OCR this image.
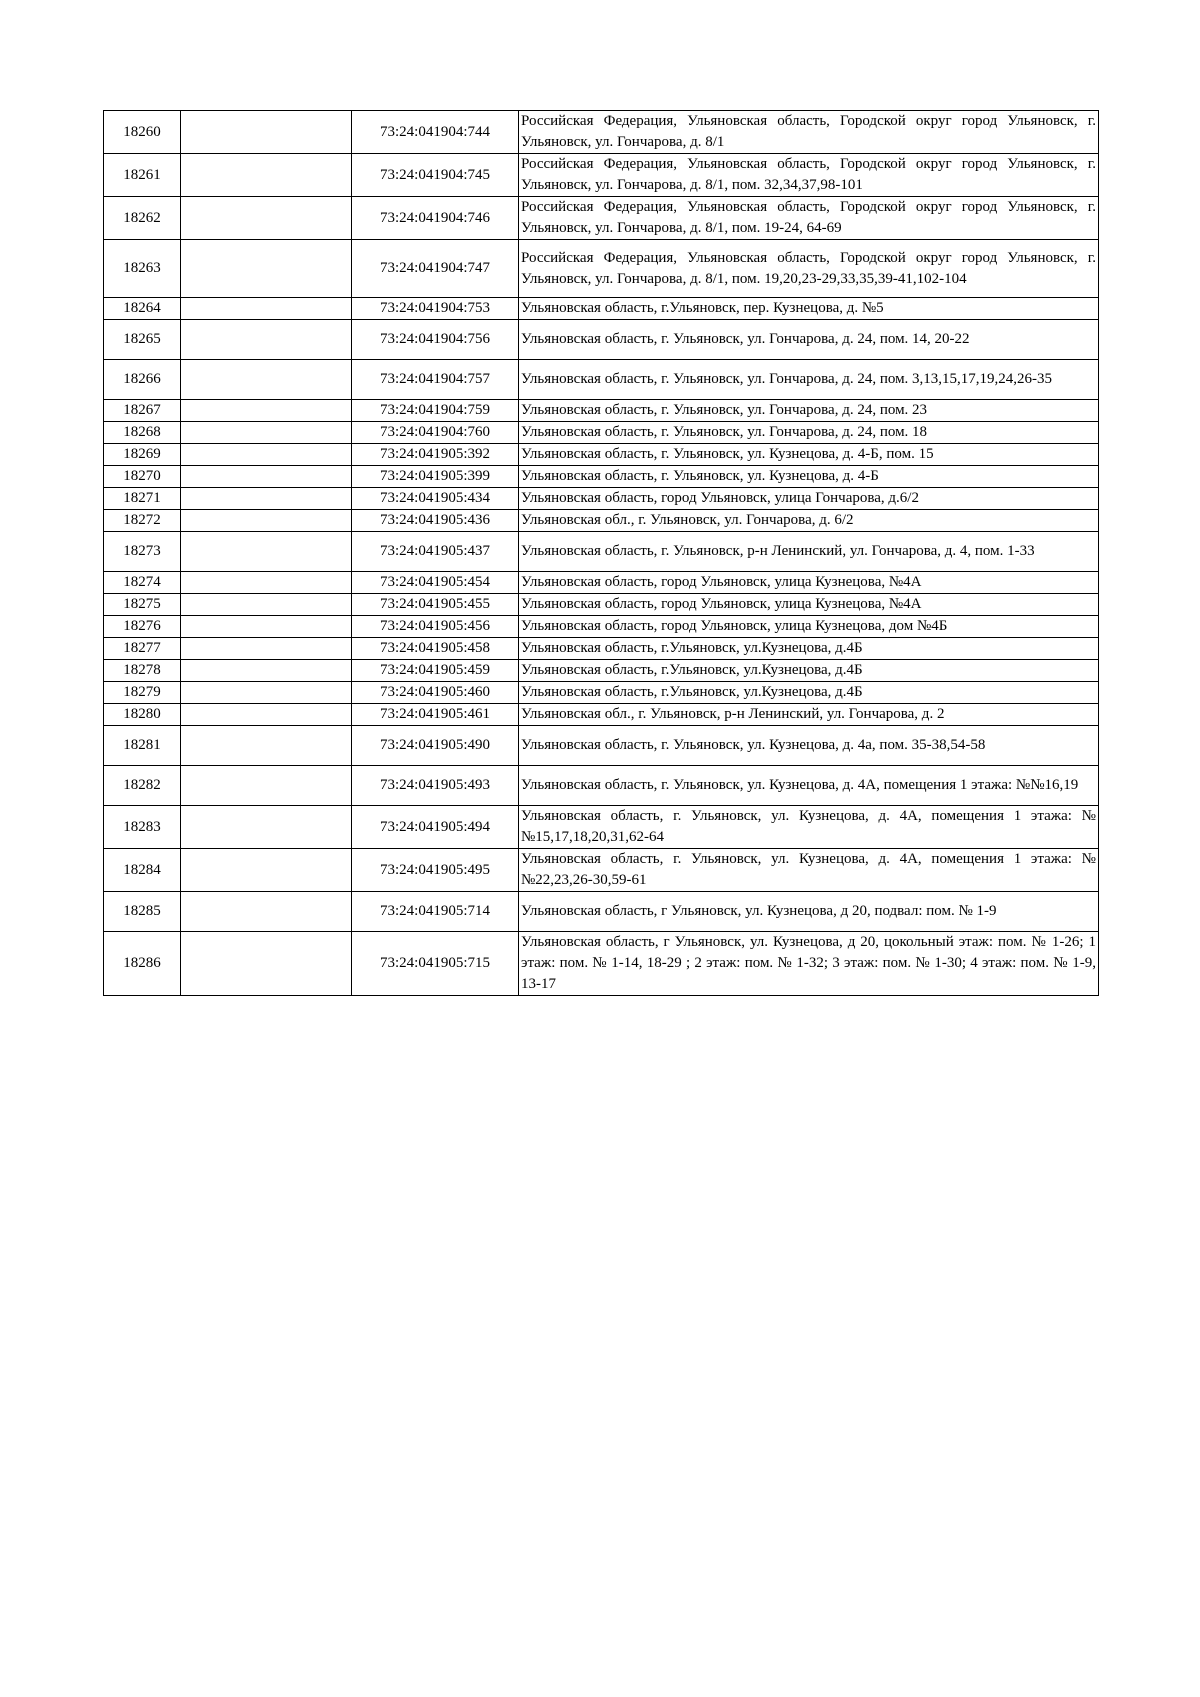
18260		73:24:041904:744	Российская Федерация, Ульяновская область, Городской округ город Ульяновск, г. Ульяновск, ул. Гончарова, д. 8/1
18261		73:24:041904:745	Российская Федерация, Ульяновская область, Городской округ город Ульяновск, г. Ульяновск, ул. Гончарова, д. 8/1, пом. 32,34,37,98-101
18262		73:24:041904:746	Российская Федерация, Ульяновская область, Городской округ город Ульяновск, г. Ульяновск, ул. Гончарова, д. 8/1, пом. 19-24, 64-69
18263		73:24:041904:747	Российская Федерация, Ульяновская область, Городской округ город Ульяновск, г. Ульяновск, ул. Гончарова, д. 8/1, пом. 19,20,23-29,33,35,39-41,102-104
18264		73:24:041904:753	Ульяновская область, г.Ульяновск, пер. Кузнецова, д. №5
18265		73:24:041904:756	Ульяновская область, г. Ульяновск, ул. Гончарова, д. 24, пом. 14, 20-22
18266		73:24:041904:757	Ульяновская область, г. Ульяновск, ул. Гончарова, д. 24, пом. 3,13,15,17,19,24,26-35
18267		73:24:041904:759	Ульяновская область, г. Ульяновск, ул. Гончарова, д. 24, пом. 23
18268		73:24:041904:760	Ульяновская область, г. Ульяновск, ул. Гончарова, д. 24, пом. 18
18269		73:24:041905:392	Ульяновская область, г. Ульяновск, ул. Кузнецова, д. 4-Б, пом. 15
18270		73:24:041905:399	Ульяновская область, г. Ульяновск, ул. Кузнецова, д. 4-Б
18271		73:24:041905:434	Ульяновская область, город Ульяновск, улица Гончарова, д.6/2
18272		73:24:041905:436	Ульяновская обл., г. Ульяновск, ул. Гончарова, д. 6/2
18273		73:24:041905:437	Ульяновская область, г. Ульяновск, р-н Ленинский, ул. Гончарова, д. 4, пом. 1-33
18274		73:24:041905:454	Ульяновская область, город Ульяновск, улица Кузнецова, №4А
18275		73:24:041905:455	Ульяновская область, город Ульяновск, улица Кузнецова, №4А
18276		73:24:041905:456	Ульяновская область, город Ульяновск, улица Кузнецова, дом №4Б
18277		73:24:041905:458	Ульяновская область, г.Ульяновск, ул.Кузнецова, д.4Б
18278		73:24:041905:459	Ульяновская область, г.Ульяновск, ул.Кузнецова, д.4Б
18279		73:24:041905:460	Ульяновская область, г.Ульяновск, ул.Кузнецова, д.4Б
18280		73:24:041905:461	Ульяновская обл., г. Ульяновск, р-н Ленинский, ул. Гончарова, д. 2
18281		73:24:041905:490	Ульяновская область, г. Ульяновск, ул. Кузнецова, д. 4а, пом. 35-38,54-58
18282		73:24:041905:493	Ульяновская область, г. Ульяновск, ул. Кузнецова, д. 4А, помещения 1 этажа: №№16,19
18283		73:24:041905:494	Ульяновская область, г. Ульяновск, ул. Кузнецова, д. 4А, помещения 1 этажа: №№15,17,18,20,31,62-64
18284		73:24:041905:495	Ульяновская область, г. Ульяновск, ул. Кузнецова, д. 4А, помещения 1 этажа: №№22,23,26-30,59-61
18285		73:24:041905:714	Ульяновская область, г Ульяновск, ул. Кузнецова, д 20, подвал: пом. № 1-9
18286		73:24:041905:715	Ульяновская область, г Ульяновск, ул. Кузнецова, д 20, цокольный этаж: пом. № 1-26; 1 этаж: пом. № 1-14, 18-29 ; 2 этаж: пом. № 1-32; 3 этаж: пом. № 1-30; 4 этаж: пом. № 1-9, 13-17
